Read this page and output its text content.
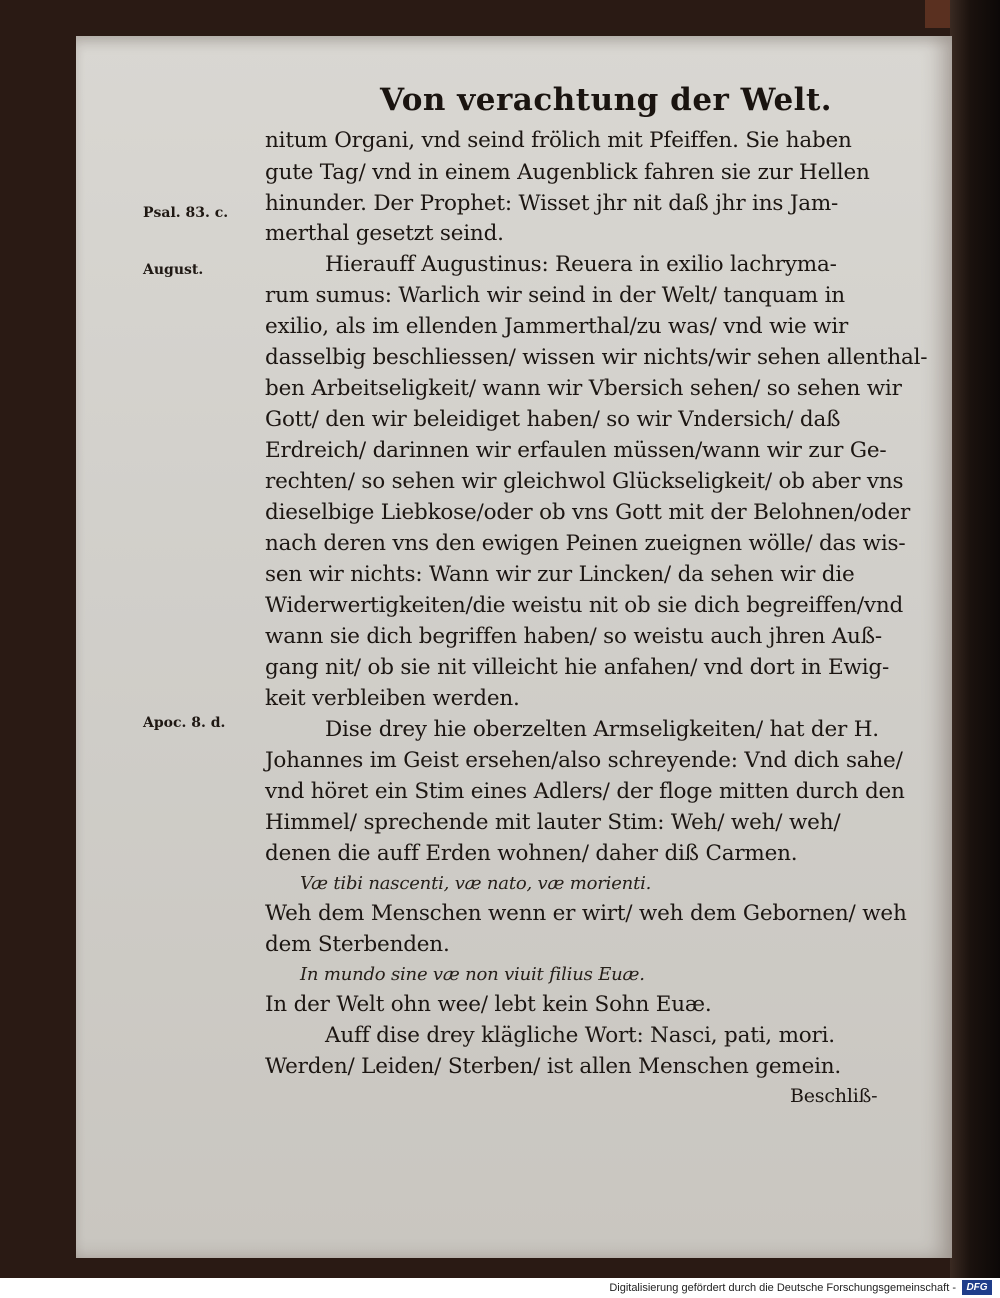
Von verachtung der Welt.
Psal. 83. c.
August.
Apoc. 8. d.
nitum Organi, vnd seind frölich mit Pfeiffen. Sie haben
gute Tag/ vnd in einem Augenblick fahren sie zur Hellen
hinunder. Der Prophet: Wisset jhr nit daß jhr ins Jam-
merthal gesetzt seind.
Hierauff Augustinus: Reuera in exilio lachryma-
rum sumus: Warlich wir seind in der Welt/ tanquam in
exilio, als im ellenden Jammerthal/zu was/ vnd wie wir
dasselbig beschliessen/ wissen wir nichts/wir sehen allenthal-
ben Arbeitseligkeit/ wann wir Vbersich sehen/ so sehen wir
Gott/ den wir beleidiget haben/ so wir Vndersich/ daß
Erdreich/ darinnen wir erfaulen müssen/wann wir zur Ge-
rechten/ so sehen wir gleichwol Glückseligkeit/ ob aber vns
dieselbige Liebkose/oder ob vns Gott mit der Belohnen/oder
nach deren vns den ewigen Peinen zueignen wölle/ das wis-
sen wir nichts: Wann wir zur Lincken/ da sehen wir die
Widerwertigkeiten/die weistu nit ob sie dich begreiffen/vnd
wann sie dich begriffen haben/ so weistu auch jhren Auß-
gang nit/ ob sie nit villeicht hie anfahen/ vnd dort in Ewig-
keit verbleiben werden.
Dise drey hie oberzelten Armseligkeiten/ hat der H.
Johannes im Geist ersehen/also schreyende: Vnd dich sahe/
vnd höret ein Stim eines Adlers/ der floge mitten durch den
Himmel/ sprechende mit lauter Stim: Weh/ weh/ weh/
denen die auff Erden wohnen/ daher diß Carmen.
Væ tibi nascenti, væ nato, væ morienti.
Weh dem Menschen wenn er wirt/ weh dem Gebornen/ weh
dem Sterbenden.
In mundo sine væ non viuit filius Euæ.
In der Welt ohn wee/ lebt kein Sohn Euæ.
Auff dise drey klägliche Wort: Nasci, pati, mori.
Werden/ Leiden/ Sterben/ ist allen Menschen gemein.
Beschliß-
Digitalisierung gefördert durch die Deutsche Forschungsgemeinschaft -	DFG
